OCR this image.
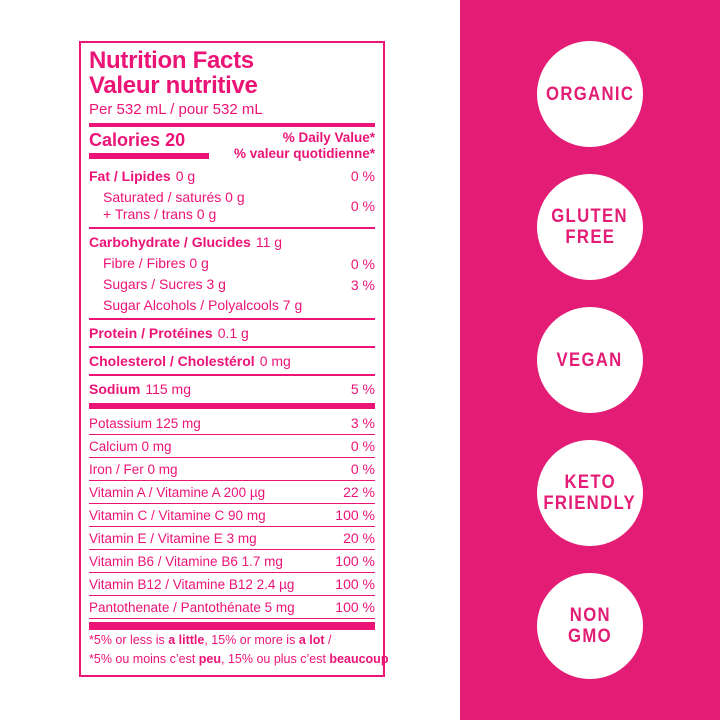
Nutrition Facts
Valeur nutritive
Per 532 mL / pour 532 mL
Calories 20	% Daily Value*
% valeur quotidienne*
Fat / Lipides 0 g	0 %
Saturated / saturés 0 g
+ Trans / trans 0 g	0 %
Carbohydrate / Glucides 11 g
Fibre / Fibres 0 g	0 %
Sugars / Sucres 3 g	3 %
Sugar Alcohols / Polyalcools 7 g
Protein / Protéines 0.1 g
Cholesterol / Cholestérol 0 mg
Sodium 115 mg	5 %
Potassium 125 mg	3 %
Calcium 0 mg	0 %
Iron / Fer 0 mg	0 %
Vitamin A / Vitamine A 200 µg	22 %
Vitamin C / Vitamine C 90 mg	100 %
Vitamin E / Vitamine E 3 mg	20 %
Vitamin B6 / Vitamine B6 1.7 mg	100 %
Vitamin B12 / Vitamine B12 2.4 µg	100 %
Pantothenate / Pantothénate 5 mg	100 %
*5% or less is a little, 15% or more is a lot /
*5% ou moins c’est peu, 15% ou plus c’est beaucoup
ORGANIC
GLUTEN
FREE
VEGAN
KETO
FRIENDLY
NON
GMO
